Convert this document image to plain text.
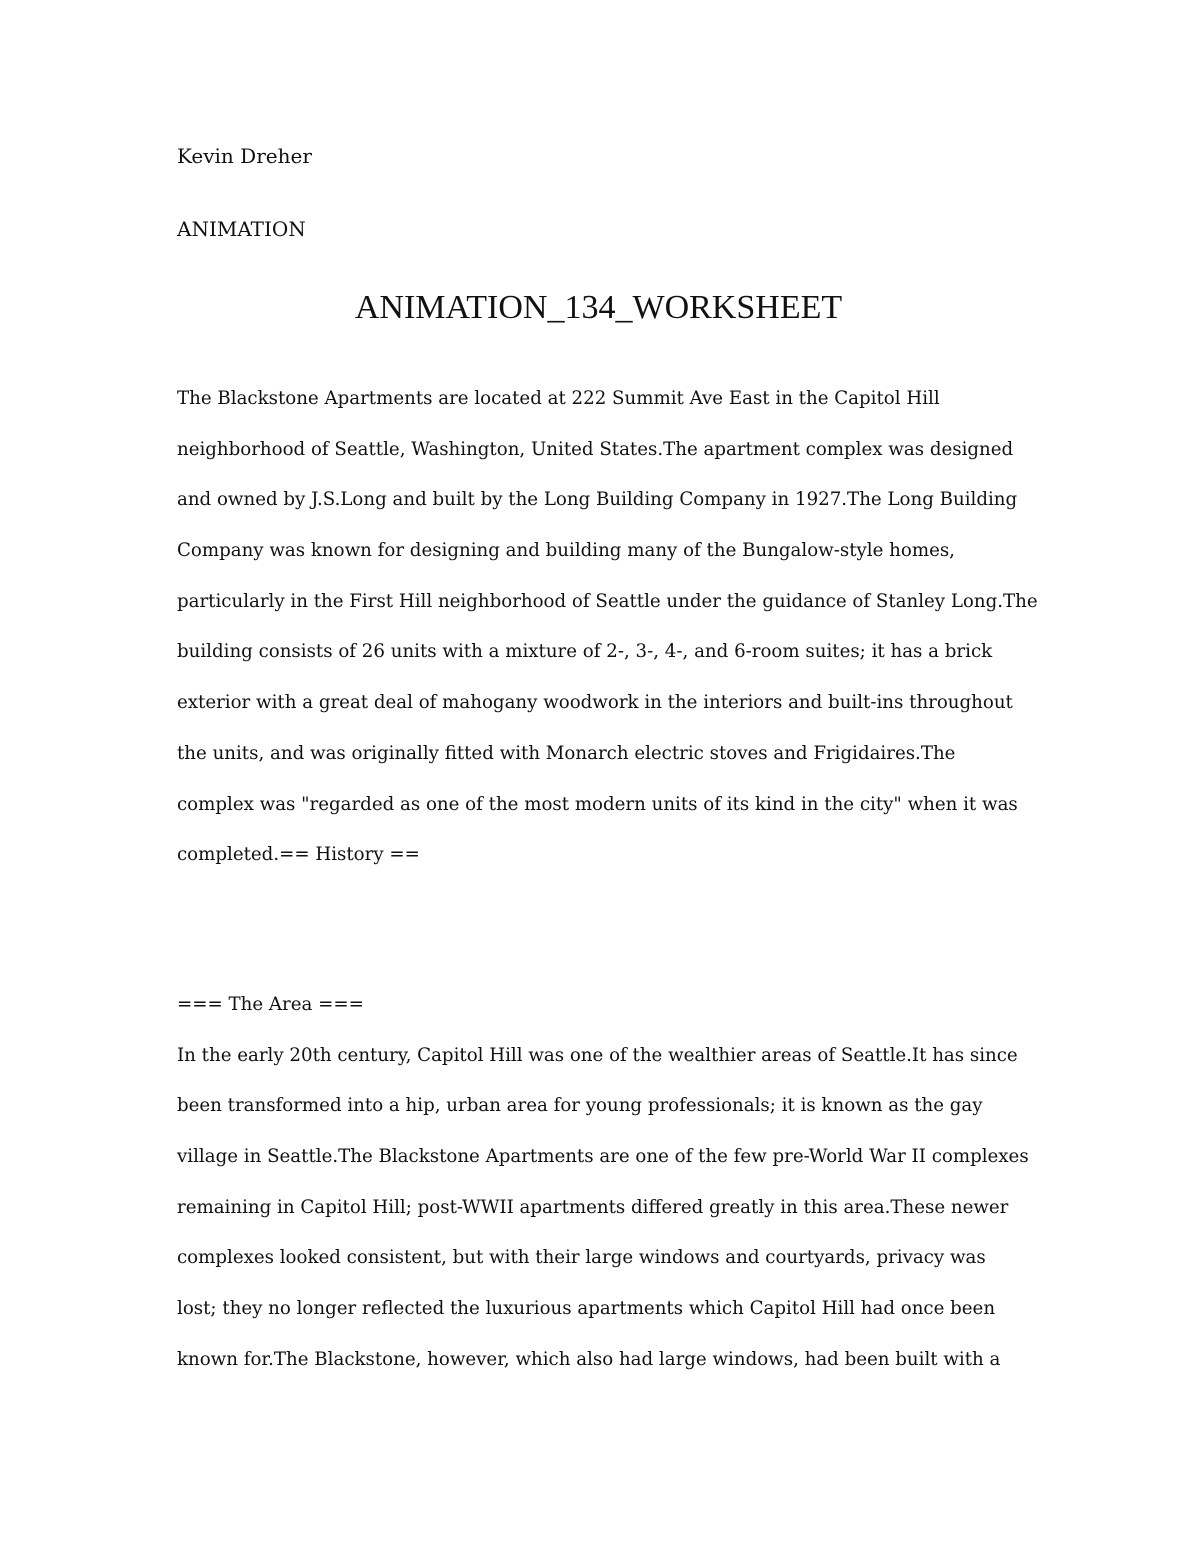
Kevin Dreher
ANIMATION
ANIMATION_134_WORKSHEET
The Blackstone Apartments are located at 222 Summit Ave East in the Capitol Hill
neighborhood of Seattle, Washington, United States.The apartment complex was designed
and owned by J.S.Long and built by the Long Building Company in 1927.The Long Building
Company was known for designing and building many of the Bungalow-style homes,
particularly in the First Hill neighborhood of Seattle under the guidance of Stanley Long.The
building consists of 26 units with a mixture of 2-, 3-, 4-, and 6-room suites; it has a brick
exterior with a great deal of mahogany woodwork in the interiors and built-ins throughout
the units, and was originally fitted with Monarch electric stoves and Frigidaires.The
complex was "regarded as one of the most modern units of its kind in the city" when it was
completed.== History ==
=== The Area ===
In the early 20th century, Capitol Hill was one of the wealthier areas of Seattle.It has since
been transformed into a hip, urban area for young professionals; it is known as the gay
village in Seattle.The Blackstone Apartments are one of the few pre-World War II complexes
remaining in Capitol Hill; post-WWII apartments differed greatly in this area.These newer
complexes looked consistent, but with their large windows and courtyards, privacy was
lost; they no longer reflected the luxurious apartments which Capitol Hill had once been
known for.The Blackstone, however, which also had large windows, had been built with a
